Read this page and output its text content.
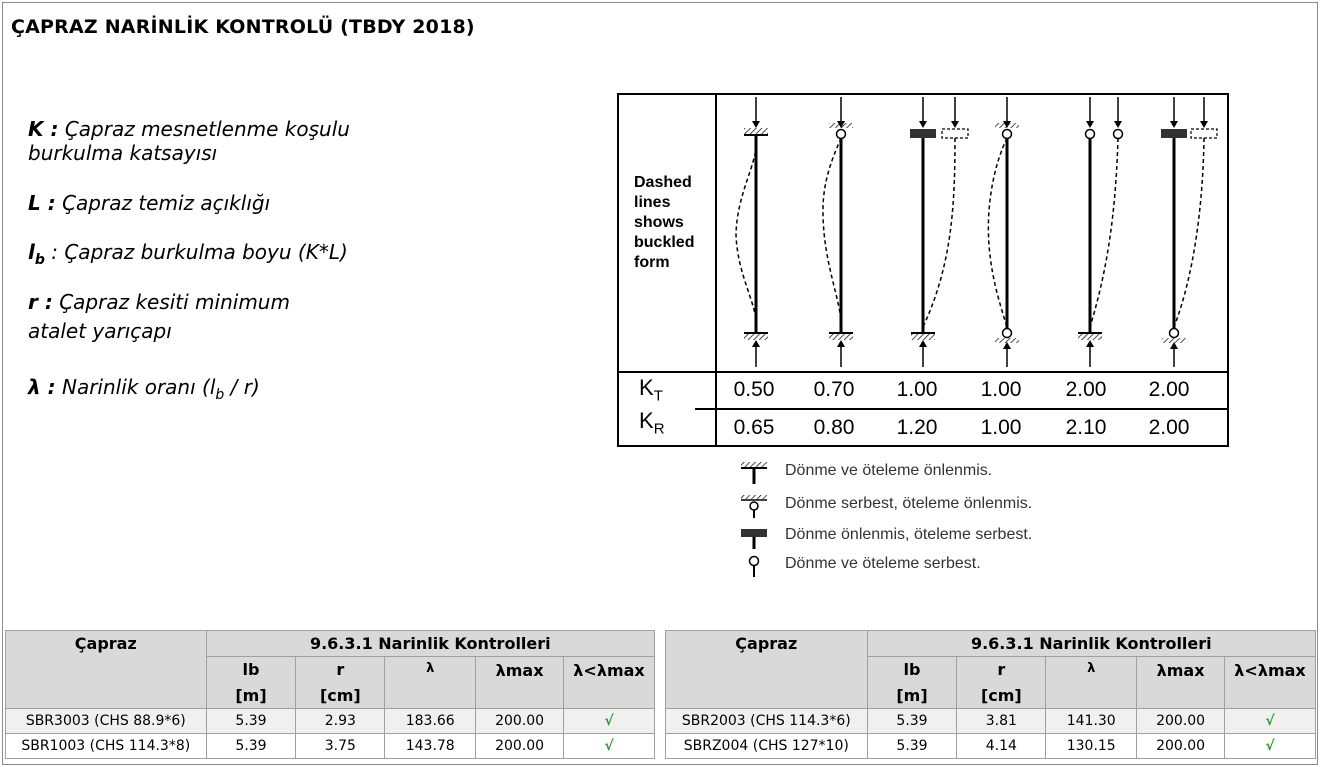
ÇAPRAZ NARİNLİK KONTROLÜ (TBDY 2018)
K : Çapraz mesnetlenme koşulu
burkulma katsayısı
L : Çapraz temiz açıklığı
$l_b$ : Çapraz burkulma boyu (K*L)
r : Çapraz kesiti minimum
atalet yarıçapı
λ : Narinlik oranı $(l_b / r)$
Dashed
lines
shows
buckled
form
$K_T$
$K_R$
0.50	0.70	1.00	1.00	2.00	2.00
0.65	0.80	1.20	1.00	2.10	2.00
Dönme ve öteleme önlenmis.
Dönme serbest, öteleme önlenmis.
Dönme önlenmis, öteleme serbest.
Dönme ve öteleme serbest.
Çapraz	9.6.3.1 Narinlik Kontrolleri				
	lb	r	λ	λmax	λ<λmax
	[m]	[cm]			
SBR3003 (CHS 88.9*6)	5.39	2.93	183.66	200.00	√
SBR1003 (CHS 114.3*8)	5.39	3.75	143.78	200.00	√
Çapraz	9.6.3.1 Narinlik Kontrolleri				
	lb	r	λ	λmax	λ<λmax
	[m]	[cm]			
SBR2003 (CHS 114.3*6)	5.39	3.81	141.30	200.00	√
SBRZ004 (CHS 127*10)	5.39	4.14	130.15	200.00	√
